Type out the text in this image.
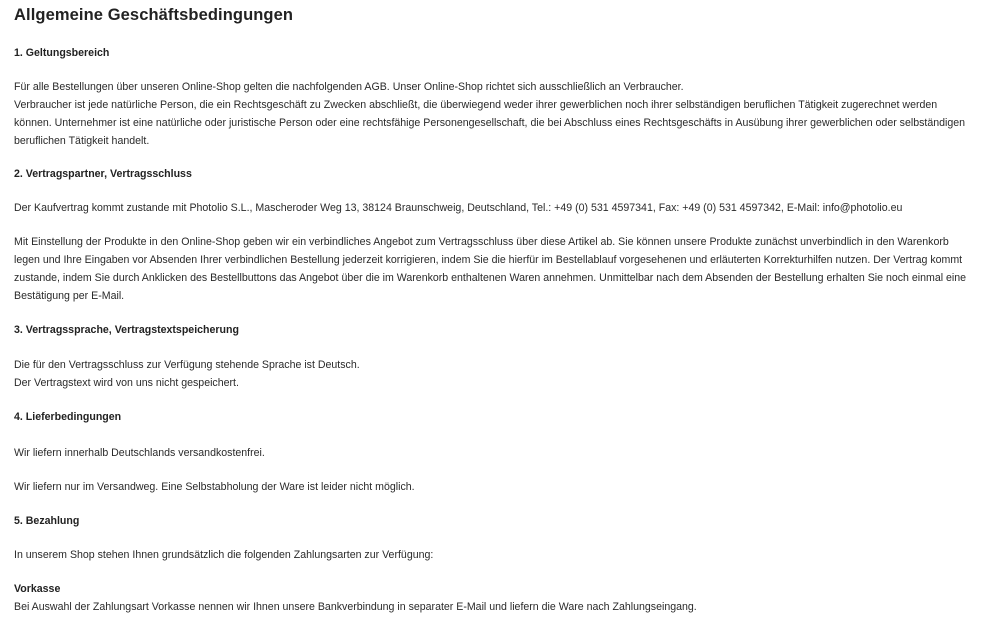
Allgemeine Geschäftsbedingungen
1. Geltungsbereich

Für alle Bestellungen über unseren Online-Shop gelten die nachfolgenden AGB. Unser Online-Shop richtet sich ausschließlich an Verbraucher.

Verbraucher ist jede natürliche Person, die ein Rechtsgeschäft zu Zwecken abschließt, die überwiegend weder ihrer gewerblichen noch ihrer selbständigen beruflichen Tätigkeit zugerechnet werden können. Unternehmer ist eine natürliche oder juristische Person oder eine rechtsfähige Personengesellschaft, die bei Abschluss eines Rechtsgeschäfts in Ausübung ihrer gewerblichen oder selbständigen beruflichen Tätigkeit handelt.

2. Vertragspartner, Vertragsschluss

Der Kaufvertrag kommt zustande mit Photolio S.L., Mascheroder Weg 13, 38124 Braunschweig, Deutschland, Tel.: +49 (0) 531 4597341, Fax: +49 (0) 531 4597342, E-Mail: info@photolio.eu

Mit Einstellung der Produkte in den Online-Shop geben wir ein verbindliches Angebot zum Vertragsschluss über diese Artikel ab. Sie können unsere Produkte zunächst unverbindlich in den Warenkorb legen und Ihre Eingaben vor Absenden Ihrer verbindlichen Bestellung jederzeit korrigieren, indem Sie die hierfür im Bestellablauf vorgesehenen und erläuterten Korrekturhilfen nutzen. Der Vertrag kommt zustande, indem Sie durch Anklicken des Bestellbuttons das Angebot über die im Warenkorb enthaltenen Waren annehmen. Unmittelbar nach dem Absenden der Bestellung erhalten Sie noch einmal eine Bestätigung per E-Mail.

3. Vertragssprache, Vertragstextspeicherung

Die für den Vertragsschluss zur Verfügung stehende Sprache ist Deutsch.

Der Vertragstext wird von uns nicht gespeichert.

4. Lieferbedingungen

Wir liefern innerhalb Deutschlands versandkostenfrei.

Wir liefern nur im Versandweg. Eine Selbstabholung der Ware ist leider nicht möglich.

5. Bezahlung

In unserem Shop stehen Ihnen grundsätzlich die folgenden Zahlungsarten zur Verfügung:

Vorkasse

Bei Auswahl der Zahlungsart Vorkasse nennen wir Ihnen unsere Bankverbindung in separater E-Mail und liefern die Ware nach Zahlungseingang.
